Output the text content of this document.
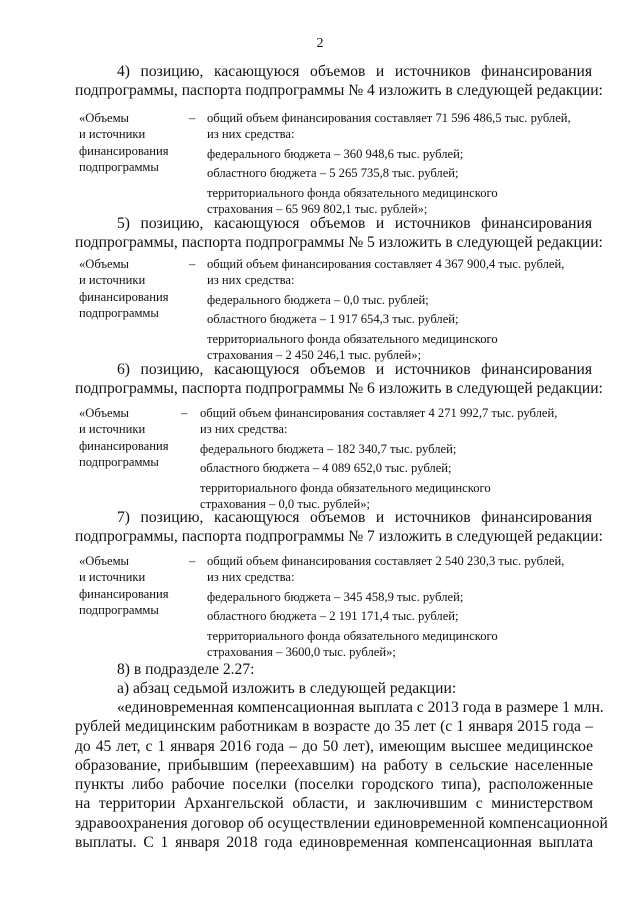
2
4) позицию, касающуюся объемов и источников финансирования
подпрограммы, паспорта подпрограммы № 4 изложить в следующей редакции:
«Объемы
и источники
финансирования
подпрограммы
– общий объем финансирования составляет 71 596 486,5 тыс. рублей,
из них средства:
федерального бюджета – 360 948,6 тыс. рублей;
областного бюджета – 5 265 735,8 тыс. рублей;
территориального фонда обязательного медицинского
страхования – 65 969 802,1 тыс. рублей»;
5) позицию, касающуюся объемов и источников финансирования
подпрограммы, паспорта подпрограммы № 5 изложить в следующей редакции:
«Объемы
и источники
финансирования
подпрограммы
– общий объем финансирования составляет 4 367 900,4 тыс. рублей,
из них средства:
федерального бюджета – 0,0 тыс. рублей;
областного бюджета – 1 917 654,3 тыс. рублей;
территориального фонда обязательного медицинского
страхования – 2 450 246,1 тыс. рублей»;
6) позицию, касающуюся объемов и источников финансирования
подпрограммы, паспорта подпрограммы № 6 изложить в следующей редакции:
«Объемы
и источники
финансирования
подпрограммы
– общий объем финансирования составляет 4 271 992,7 тыс. рублей,
из них средства:
федерального бюджета – 182 340,7 тыс. рублей;
областного бюджета – 4 089 652,0 тыс. рублей;
территориального фонда обязательного медицинского
страхования – 0,0 тыс. рублей»;
7) позицию, касающуюся объемов и источников финансирования
подпрограммы, паспорта подпрограммы № 7 изложить в следующей редакции:
«Объемы
и источники
финансирования
подпрограммы
– общий объем финансирования составляет 2 540 230,3 тыс. рублей,
из них средства:
федерального бюджета – 345 458,9 тыс. рублей;
областного бюджета – 2 191 171,4 тыс. рублей;
территориального фонда обязательного медицинского
страхования – 3600,0 тыс. рублей»;
8) в подразделе 2.27:
а) абзац седьмой изложить в следующей редакции:
«единовременная компенсационная выплата с 2013 года в размере 1 млн.
рублей медицинским работникам в возрасте до 35 лет (с 1 января 2015 года –
до 45 лет, с 1 января 2016 года – до 50 лет), имеющим высшее медицинское
образование, прибывшим (переехавшим) на работу в сельские населенные
пункты либо рабочие поселки (поселки городского типа), расположенные
на территории Архангельской области, и заключившим с министерством
здравоохранения договор об осуществлении единовременной компенсационной
выплаты. С 1 января 2018 года единовременная компенсационная выплата
